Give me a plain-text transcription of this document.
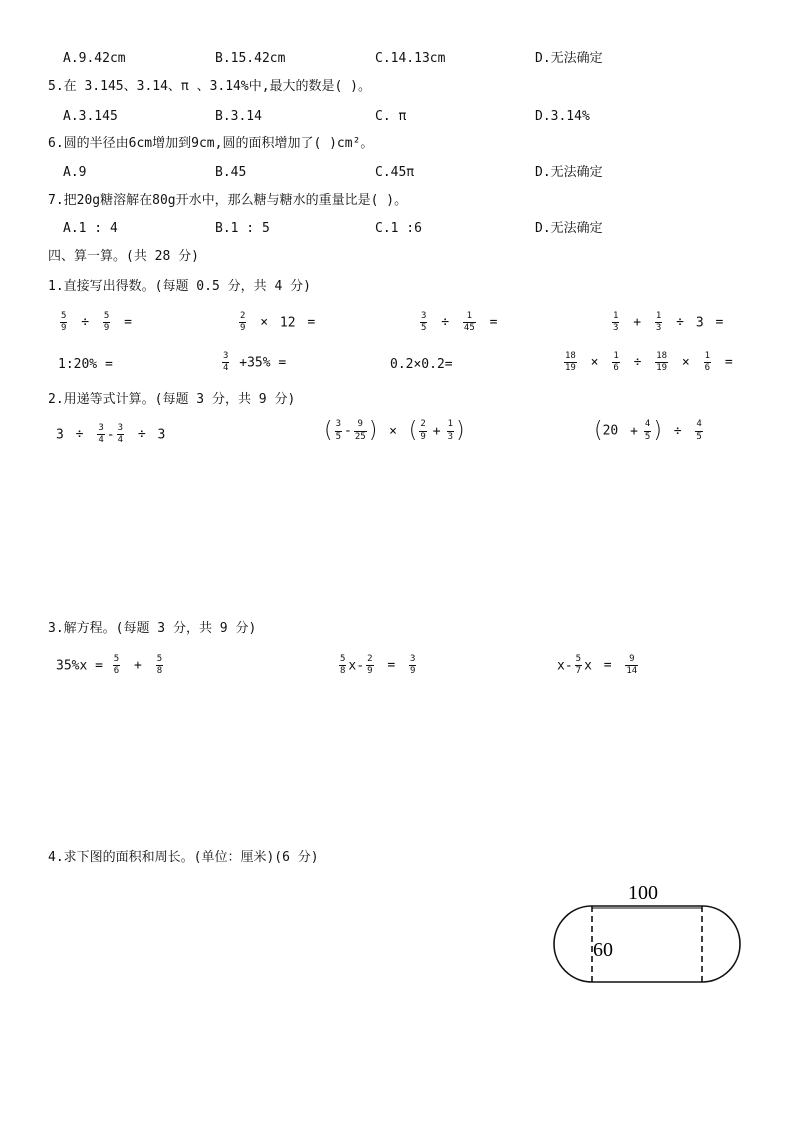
A.9.42cm	B.15.42cm	C.14.13cm	D.无法确定
5.在 3.145、3.14、π 、3.14%中,最大的数是( )。
A.3.145	B.3.14	C. π	D.3.14%
6.圆的半径由6cm增加到9cm,圆的面积增加了( )cm²。
A.9	B.45	C.45π	D.无法确定
7.把20g糖溶解在80g开水中，那么糖与糖水的重量比是( )。
A.1 : 4	B.1 : 5	C.1 :6	D.无法确定
四、算一算。(共 28 分)
1.直接写出得数。(每题 0.5 分，共 4 分)
$\frac{5}{9} \div \frac{5}{9}$ =	$\frac{2}{9} \times 12$ =	$\frac{3}{5} \div \frac{1}{45}$ =	$\frac{1}{3} + \frac{1}{3} \div 3$ =
1:20% =	$\frac{3}{4} +35\%$ =	0.2×0.2=	$\frac{18}{19} \times \frac{1}{6} \div \frac{18}{19} \times \frac{1}{6}$ =
2.用递等式计算。(每题 3 分，共 9 分)
$3 \div \frac{3}{4} - \frac{3}{4} \div 3$	( $\frac{3}{5} - \frac{9}{25}$ ) × ( $\frac{2}{9} + \frac{1}{3}$ )	($20 + \frac{4}{5}$ ) ÷ $\frac{4}{5}$
3.解方程。(每题 3 分，共 9 分)
$35\%x = \frac{5}{6} + \frac{5}{8}$	$\frac{5}{8} x- \frac{2}{9} = \frac{3}{9}$	$x- \frac{5}{7}$ $x = \frac{9}{14}$
4.求下图的面积和周长。(单位：厘米)(6 分)
100
60
